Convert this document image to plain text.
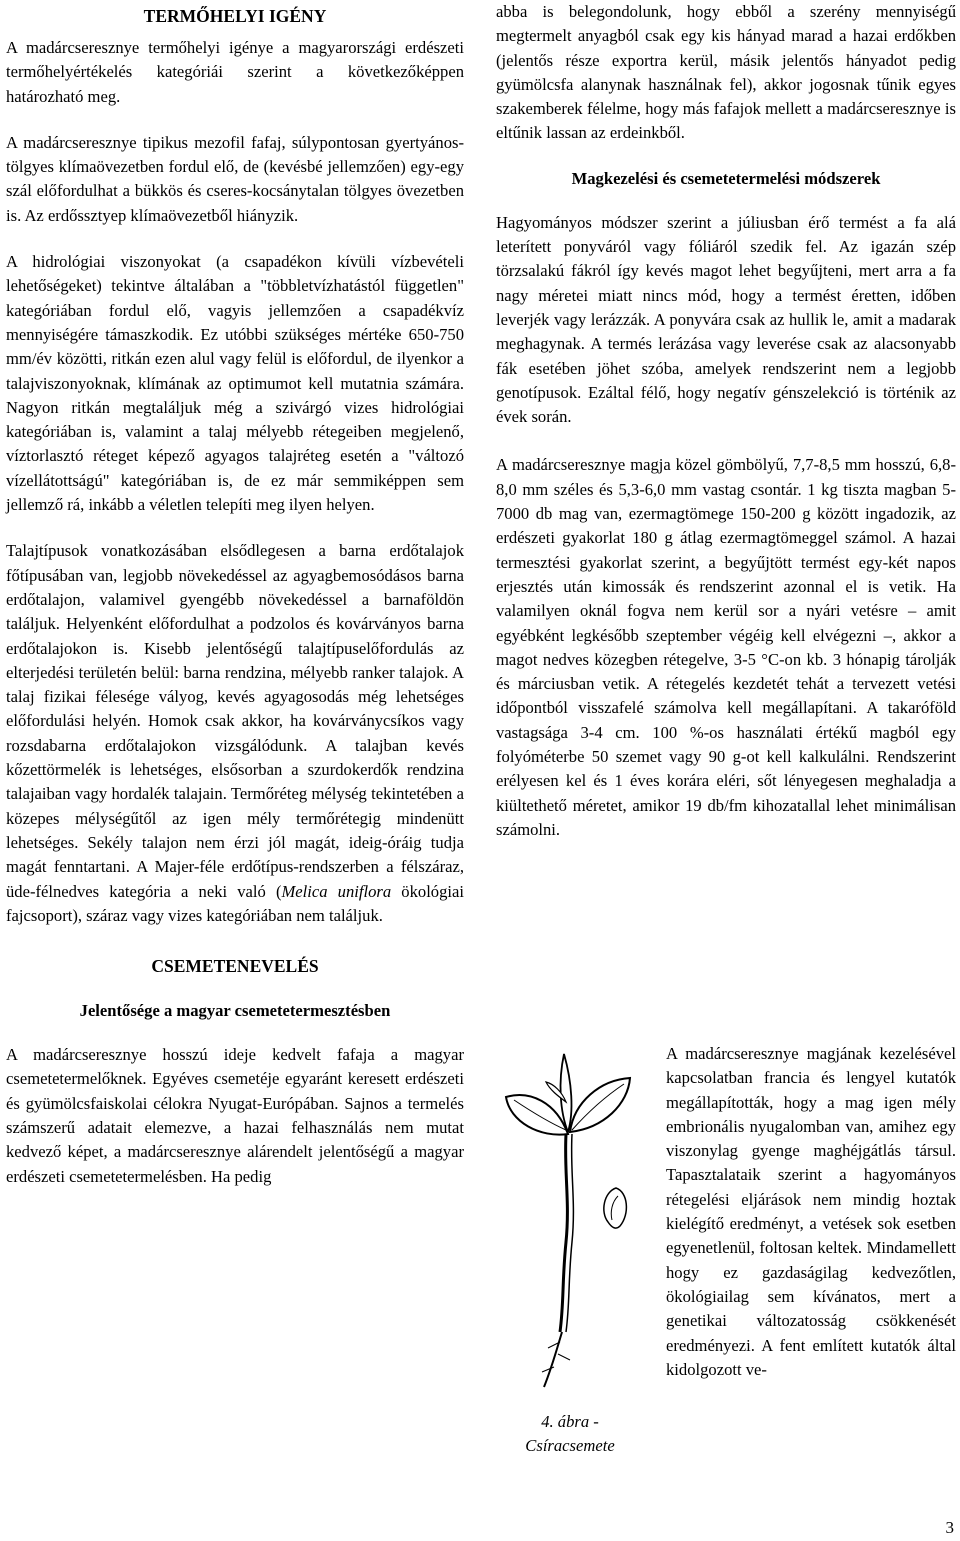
TERMŐHELYI IGÉNY

A madárcseresznye termőhelyi igénye a magyarországi erdészeti termőhelyértékelés kategóriái szerint a következőképpen határozható meg.

A madárcseresznye tipikus mezofil fafaj, súlypontosan gyertyános-tölgyes klímaövezetben fordul elő, de (kevésbé jellemzően) egy-egy szál előfordulhat a bükkös és cseres-kocsánytalan tölgyes övezetben is. Az erdőssztyep klímaövezetből hiányzik.

A hidrológiai viszonyokat (a csapadékon kívüli vízbevételi lehetőségeket) tekintve általában a "többletvízhatástól független" kategóriában fordul elő, vagyis jellemzően a csapadékvíz mennyiségére támaszkodik. Ez utóbbi szükséges mértéke 650-750 mm/év közötti, ritkán ezen alul vagy felül is előfordul, de ilyenkor a talajviszonyoknak, klímának az optimumot kell mutatnia számára. Nagyon ritkán megtaláljuk még a szivárgó vizes hidrológiai kategóriában is, valamint a talaj mélyebb rétegeiben megjelenő, víztorlasztó réteget képező agyagos talajréteg esetén a "változó vízellátottságú" kategóriában is, de ez már semmiképpen sem jellemző rá, inkább a véletlen telepíti meg ilyen helyen.

Talajtípusok vonatkozásában elsődlegesen a barna erdőtalajok főtípusában van, legjobb növekedéssel az agyagbemosódásos barna erdőtalajon, valamivel gyengébb növekedéssel a barnaföldön találjuk. Helyenként előfordulhat a podzolos és kovárványos barna erdőtalajokon is. Kisebb jelentőségű talajtípuselőfordulás az elterjedési területén belül: barna rendzina, mélyebb ranker talajok. A talaj fizikai félesége vályog, kevés agyagosodás még lehetséges előfordulási helyén. Homok csak akkor, ha kovárványcsíkos vagy rozsdabarna erdőtalajokon vizsgálódunk. A talajban kevés kőzettörmelék is lehetséges, elsősorban a szurdokerdők rendzina talajaiban vagy hordalék talajain. Termőréteg mélység tekintetében a közepes mélységűtől az igen mély termőrétegig mindenütt lehetséges. Sekély talajon nem érzi jól magát, ideig-óráig tudja magát fenntartani. A Majer-féle erdőtípus-rendszerben a félszáraz, üde-félnedves kategória a neki való (Melica uniflora ökológiai fajcsoport), száraz vagy vizes kategóriában nem találjuk.

CSEMETENEVELÉS
Jelentősége a magyar csemetetermesztésben

A madárcseresznye hosszú ideje kedvelt fafaja a magyar csemetetermelőknek. Egyéves csemetéje egyaránt keresett erdészeti és gyümölcsfaiskolai célokra Nyugat-Európában. Sajnos a termelés számszerű adatait elemezve, a hazai felhasználás nem mutat kedvező képet, a madárcseresznye alárendelt jelentőségű a magyar erdészeti csemetetermelésben. Ha pedig

abba is belegondolunk, hogy ebből a szerény mennyiségű megtermelt anyagból csak egy kis hányad marad a hazai erdőkben (jelentős része exportra kerül, másik jelentős hányadot pedig gyümölcsfa alanynak használnak fel), akkor jogosnak tűnik egyes szakemberek félelme, hogy más fafajok mellett a madárcseresznye is eltűnik lassan az erdeinkből.

Magkezelési és csemetetermelési módszerek

Hagyományos módszer szerint a júliusban érő termést a fa alá leterített ponyváról vagy fóliáról szedik fel. Az igazán szép törzsalakú fákról így kevés magot lehet begyűjteni, mert arra a fa nagy méretei miatt nincs mód, hogy a termést éretten, időben leverjék vagy lerázzák. A ponyvára csak az hullik le, amit a madarak meghagynak. A termés lerázása vagy leverése csak az alacsonyabb fák esetében jöhet szóba, amelyek rendszerint nem a legjobb genotípusok. Ezáltal félő, hogy negatív génszelekció is történik az évek során.

A madárcseresznye magja közel gömbölyű, 7,7-8,5 mm hosszú, 6,8-8,0 mm széles és 5,3-6,0 mm vastag csontár. 1 kg tiszta magban 5-7000 db mag van, ezermagtömege 150-200 g között ingadozik, az erdészeti gyakorlat 180 g átlag ezermagtömeggel számol. A hazai termesztési gyakorlat szerint, a begyűjtött termést egy-két napos erjesztés után kimossák és rendszerint azonnal el is vetik. Ha valamilyen oknál fogva nem kerül sor a nyári vetésre – amit egyébként legkésőbb szeptember végéig kell elvégezni –, akkor a magot nedves közegben rétegelve, 3-5 °C-on kb. 3 hónapig tárolják és márciusban vetik. A rétegelés kezdetét tehát a tervezett vetési időpontból visszafelé számolva kell megállapítani. A takaróföld vastagsága 3-4 cm. 100 %-os használati értékű magból egy folyóméterbe 50 szemet vagy 90 g-ot kell kalkulálni. Rendszerint erélyesen kel és 1 éves korára eléri, sőt lényegesen meghaladja a kiültethető méretet, amikor 19 db/fm kihozatallal lehet minimálisan számolni.

4. ábra - Csíracsemete

A madárcseresznye magjának kezelésével kapcsolatban francia és lengyel kutatók megállapították, hogy a mag igen mély embrionális nyugalomban van, amihez egy viszonylag gyenge maghéjgátlás társul. Tapasztalataik szerint a hagyományos rétegelési eljárások nem mindig hoztak kielégítő eredményt, a vetések sok esetben egyenetlenül, foltosan keltek. Mindamellett hogy ez gazdaságilag kedvezőtlen, ökológiailag sem kívánatos, mert a genetikai változatosság csökkenését eredményezi. A fent említett kutatók által kidolgozott ve-

3
